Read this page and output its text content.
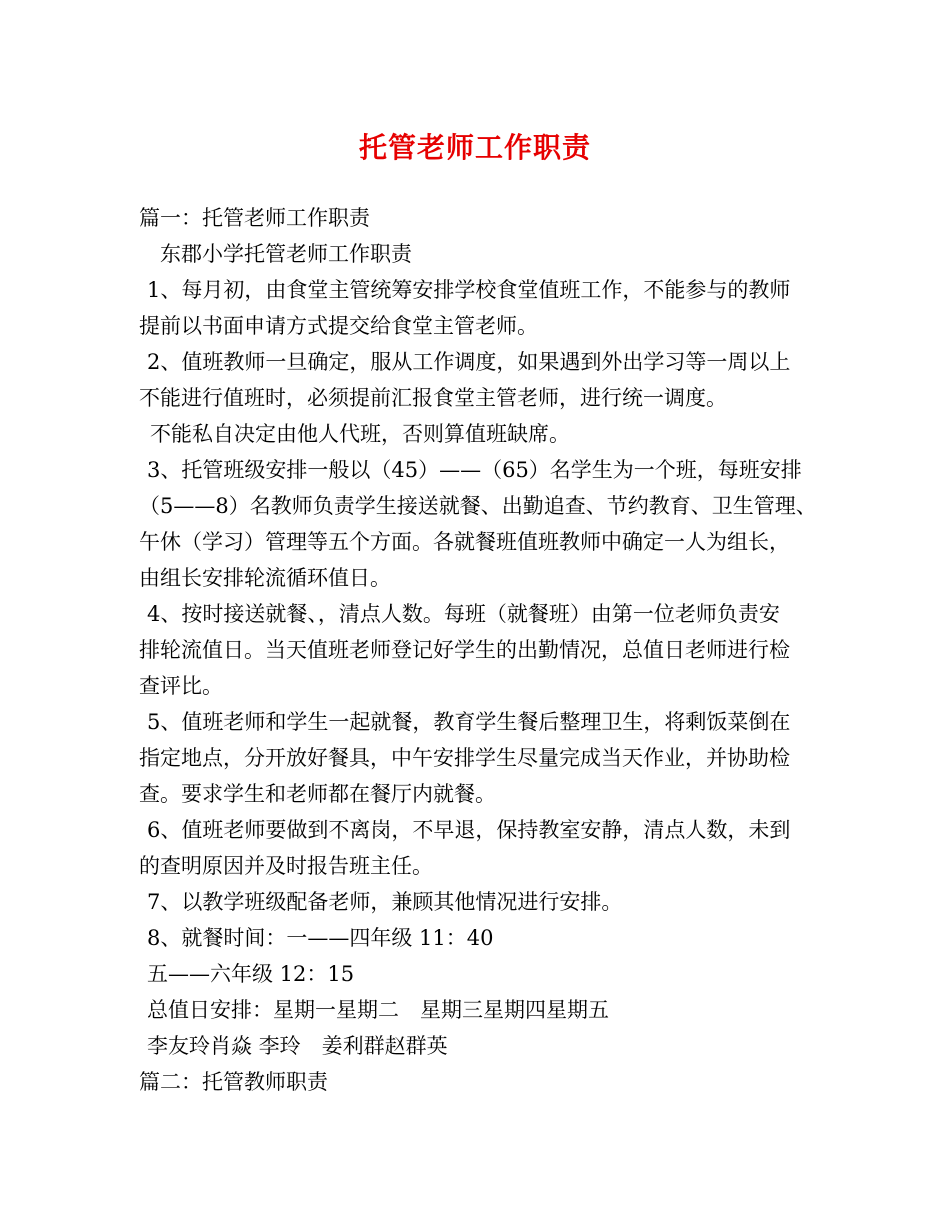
托管老师工作职责
篇一：托管老师工作职责
东郡小学托管老师工作职责
1、每月初，由食堂主管统筹安排学校食堂值班工作，不能参与的教师
提前以书面申请方式提交给食堂主管老师。
2、值班教师一旦确定，服从工作调度，如果遇到外出学习等一周以上
不能进行值班时，必须提前汇报食堂主管老师，进行统一调度。
不能私自决定由他人代班，否则算值班缺席。
3、托管班级安排一般以（45）——（65）名学生为一个班，每班安排
（5——8）名教师负责学生接送就餐、出勤追查、节约教育、卫生管理、
午休（学习）管理等五个方面。各就餐班值班教师中确定一人为组长，
由组长安排轮流循环值日。
4、按时接送就餐、，清点人数。每班（就餐班）由第一位老师负责安
排轮流值日。当天值班老师登记好学生的出勤情况，总值日老师进行检
查评比。
5、值班老师和学生一起就餐，教育学生餐后整理卫生，将剩饭菜倒在
指定地点，分开放好餐具，中午安排学生尽量完成当天作业，并协助检
查。要求学生和老师都在餐厅内就餐。
6、值班老师要做到不离岗，不早退，保持教室安静，清点人数，未到
的查明原因并及时报告班主任。
7、以教学班级配备老师，兼顾其他情况进行安排。
8、就餐时间：一——四年级 11：40
五——六年级 12：15
总值日安排：星期一星期二　星期三星期四星期五
李友玲肖焱 李玲　姜利群赵群英
篇二：托管教师职责
